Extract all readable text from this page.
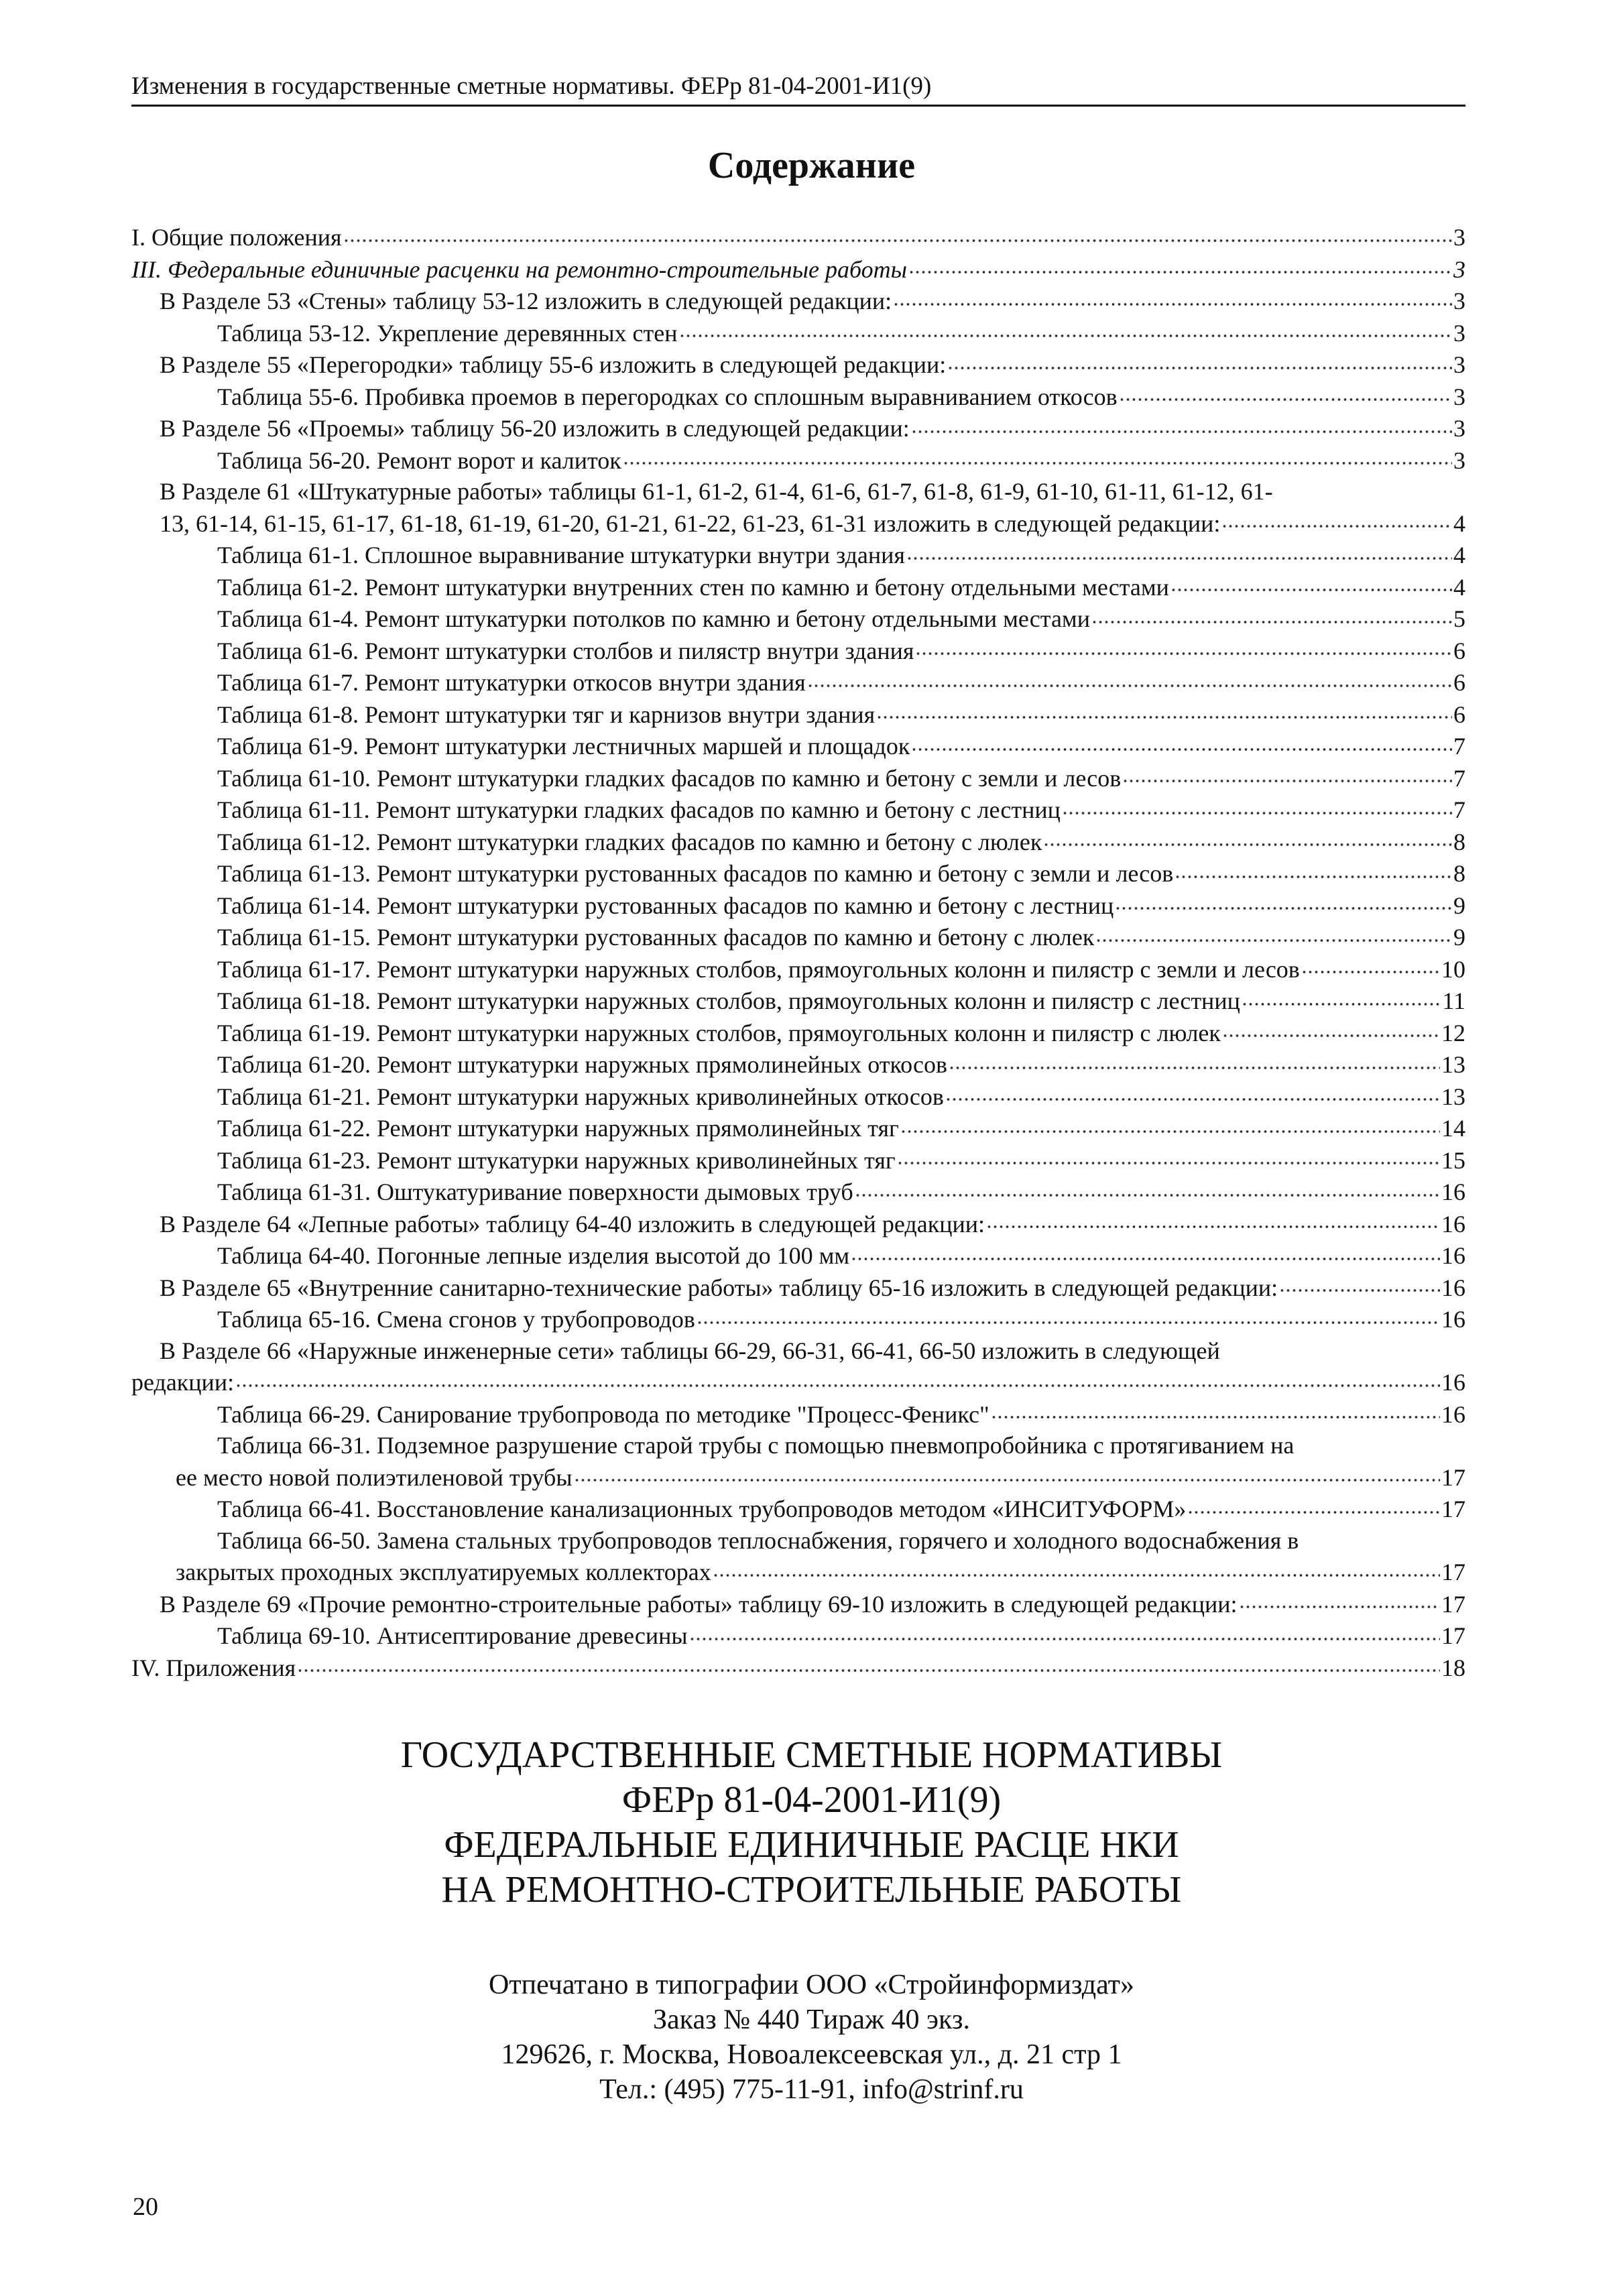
Изменения в государственные сметные нормативы. ФЕРр 81-04-2001-И1(9)
Содержание
I. Общие положения	3
III. Федеральные единичные расценки на ремонтно-строительные работы	3
В Разделе 53 «Стены» таблицу 53-12 изложить в следующей редакции:	3
Таблица 53-12. Укрепление деревянных стен	3
В Разделе 55 «Перегородки» таблицу 55-6 изложить в следующей редакции:	3
Таблица 55-6. Пробивка проемов в перегородках со сплошным выравниванием откосов	3
В Разделе 56 «Проемы» таблицу 56-20 изложить в следующей редакции:	3
Таблица 56-20. Ремонт ворот и калиток	3
В Разделе 61 «Штукатурные работы» таблицы 61-1, 61-2, 61-4, 61-6, 61-7, 61-8, 61-9, 61-10, 61-11, 61-12, 61-
13, 61-14, 61-15, 61-17, 61-18, 61-19, 61-20, 61-21, 61-22, 61-23, 61-31 изложить в следующей редакции:	4
Таблица 61-1. Сплошное выравнивание штукатурки внутри здания	4
Таблица 61-2. Ремонт штукатурки внутренних стен по камню и бетону отдельными местами	4
Таблица 61-4. Ремонт штукатурки потолков по камню и бетону отдельными местами	5
Таблица 61-6. Ремонт штукатурки столбов и пилястр внутри здания	6
Таблица 61-7. Ремонт штукатурки откосов внутри здания	6
Таблица 61-8. Ремонт штукатурки тяг и карнизов внутри здания	6
Таблица 61-9. Ремонт штукатурки лестничных маршей и площадок	7
Таблица 61-10. Ремонт штукатурки гладких фасадов по камню и бетону с земли и лесов	7
Таблица 61-11. Ремонт штукатурки гладких фасадов по камню и бетону с лестниц	7
Таблица 61-12. Ремонт штукатурки гладких фасадов по камню и бетону с люлек	8
Таблица 61-13. Ремонт штукатурки рустованных фасадов по камню и бетону с земли и лесов	8
Таблица 61-14. Ремонт штукатурки рустованных фасадов по камню и бетону с лестниц	9
Таблица 61-15. Ремонт штукатурки рустованных фасадов по камню и бетону с люлек	9
Таблица 61-17. Ремонт штукатурки наружных столбов, прямоугольных колонн и пилястр с земли и лесов	10
Таблица 61-18. Ремонт штукатурки наружных столбов, прямоугольных колонн и пилястр с лестниц	11
Таблица 61-19. Ремонт штукатурки наружных столбов, прямоугольных колонн и пилястр с люлек	12
Таблица 61-20. Ремонт штукатурки наружных прямолинейных откосов	13
Таблица 61-21. Ремонт штукатурки наружных криволинейных откосов	13
Таблица 61-22. Ремонт штукатурки наружных прямолинейных тяг	14
Таблица 61-23. Ремонт штукатурки наружных криволинейных тяг	15
Таблица 61-31. Оштукатуривание поверхности дымовых труб	16
В Разделе 64 «Лепные работы» таблицу 64-40 изложить в следующей редакции:	16
Таблица 64-40. Погонные лепные изделия высотой до 100 мм	16
В Разделе 65 «Внутренние санитарно-технические работы» таблицу 65-16 изложить в следующей редакции:	16
Таблица 65-16. Смена сгонов у трубопроводов	16
В Разделе 66 «Наружные инженерные сети» таблицы 66-29, 66-31, 66-41, 66-50 изложить в следующей
редакции:	16
Таблица 66-29. Санирование трубопровода по методике "Процесс-Феникс"	16
Таблица 66-31. Подземное разрушение старой трубы с помощью пневмопробойника с протягиванием на
ее место новой полиэтиленовой трубы	17
Таблица 66-41. Восстановление канализационных трубопроводов методом «ИНСИТУФОРМ»	17
Таблица 66-50. Замена стальных трубопроводов теплоснабжения, горячего и холодного водоснабжения в
закрытых проходных эксплуатируемых коллекторах	17
В Разделе 69 «Прочие ремонтно-строительные работы» таблицу 69-10 изложить в следующей редакции:	17
Таблица 69-10. Антисептирование древесины	17
IV. Приложения	18
ГОСУДАРСТВЕННЫЕ СМЕТНЫЕ НОРМАТИВЫ
ФЕРр 81-04-2001-И1(9)
ФЕДЕРАЛЬНЫЕ ЕДИНИЧНЫЕ РАСЦЕ НКИ
НА РЕМОНТНО-СТРОИТЕЛЬНЫЕ РАБОТЫ
Отпечатано в типографии ООО «Стройинформиздат»
Заказ № 440 Тираж 40 экз.
129626, г. Москва, Новоалексеевская ул., д. 21 стр 1
Тел.: (495) 775-11-91, info@strinf.ru
20
